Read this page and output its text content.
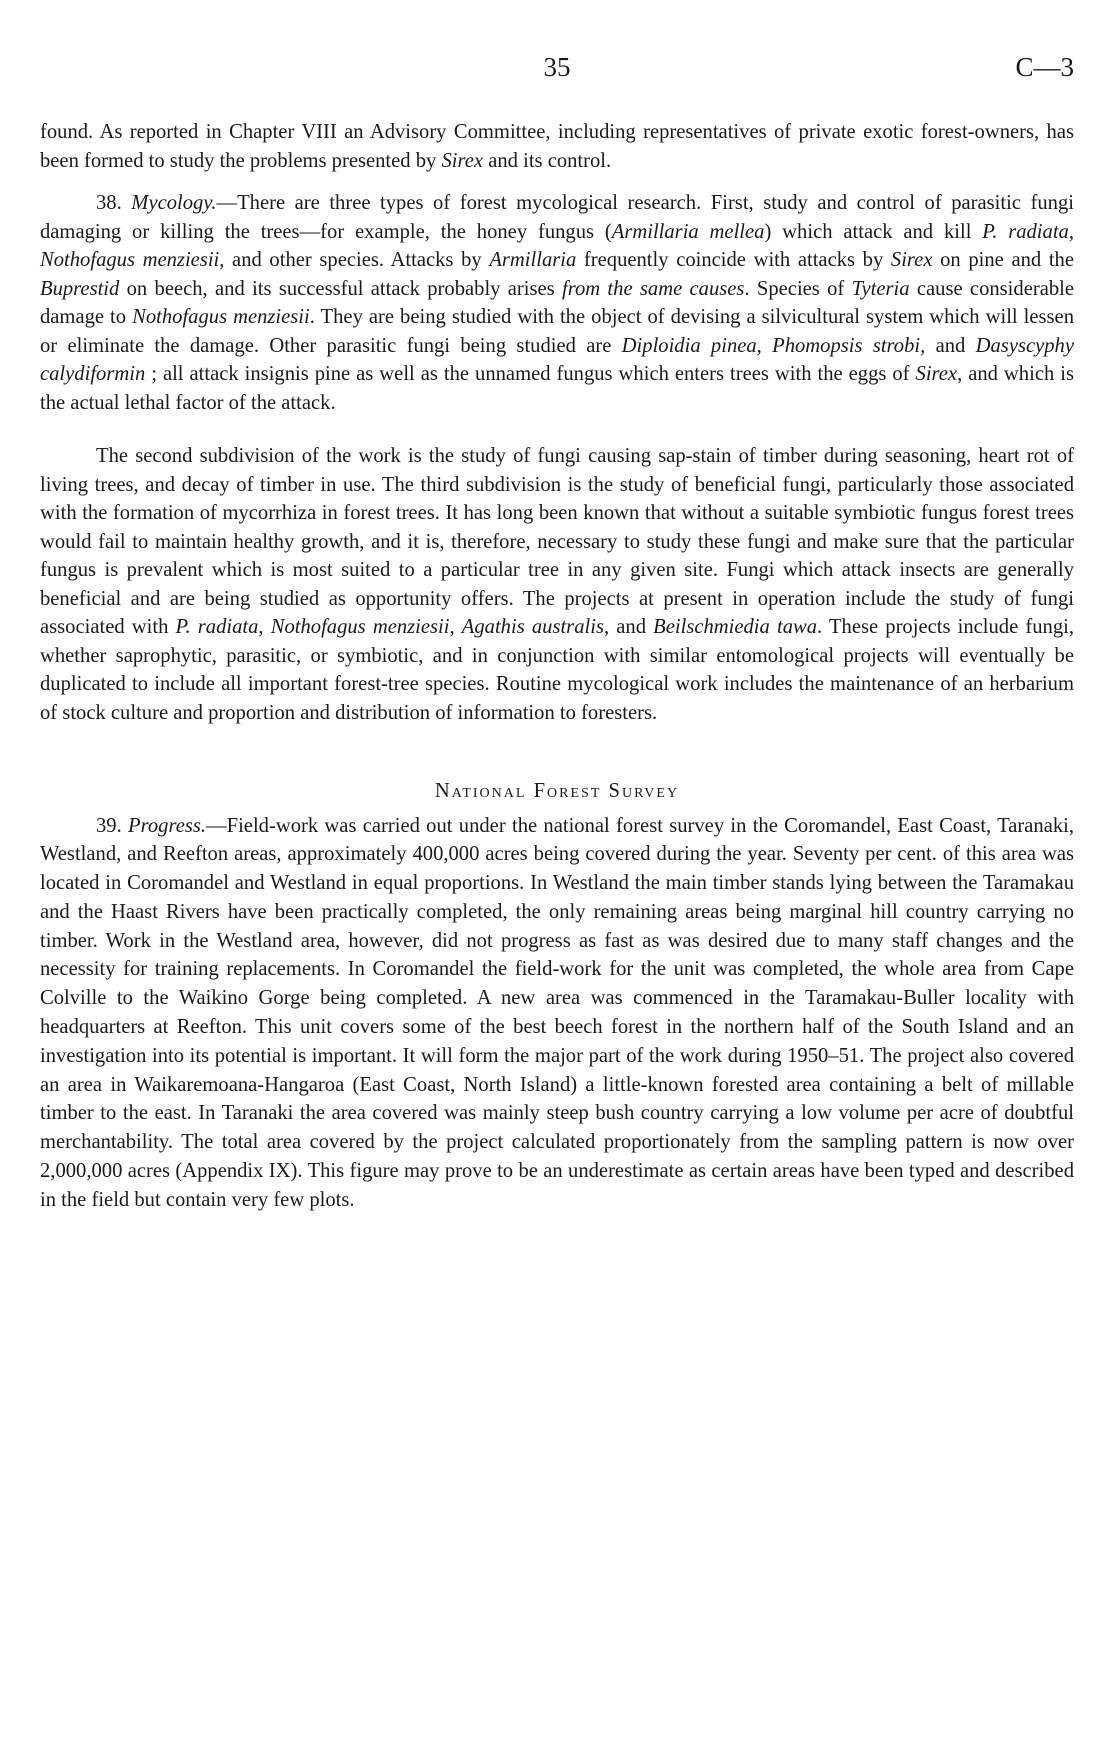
35	C—3

found. As reported in Chapter VIII an Advisory Committee, including representatives of private exotic forest-owners, has been formed to study the problems presented by Sirex and its control.

38. Mycology.—There are three types of forest mycological research. First, study and control of parasitic fungi damaging or killing the trees—for example, the honey fungus (Armillaria mellea) which attack and kill P. radiata, Nothofagus menziesii, and other species. Attacks by Armillaria frequently coincide with attacks by Sirex on pine and the Buprestid on beech, and its successful attack probably arises from the same causes. Species of Tyteria cause considerable damage to Nothofagus menziesii. They are being studied with the object of devising a silvicultural system which will lessen or eliminate the damage. Other parasitic fungi being studied are Diploidia pinea, Phomopsis strobi, and Dasyscyphy calydiformin ; all attack insignis pine as well as the unnamed fungus which enters trees with the eggs of Sirex, and which is the actual lethal factor of the attack.

The second subdivision of the work is the study of fungi causing sap-stain of timber during seasoning, heart rot of living trees, and decay of timber in use. The third subdivision is the study of beneficial fungi, particularly those associated with the formation of mycorrhiza in forest trees. It has long been known that without a suitable symbiotic fungus forest trees would fail to maintain healthy growth, and it is, therefore, necessary to study these fungi and make sure that the particular fungus is prevalent which is most suited to a particular tree in any given site. Fungi which attack insects are generally beneficial and are being studied as opportunity offers. The projects at present in operation include the study of fungi associated with P. radiata, Nothofagus menziesii, Agathis australis, and Beilschmiedia tawa. These projects include fungi, whether saprophytic, parasitic, or symbiotic, and in conjunction with similar entomological projects will eventually be duplicated to include all important forest-tree species. Routine mycological work includes the maintenance of an herbarium of stock culture and proportion and distribution of information to foresters.

National Forest Survey

39. Progress.—Field-work was carried out under the national forest survey in the Coromandel, East Coast, Taranaki, Westland, and Reefton areas, approximately 400,000 acres being covered during the year. Seventy per cent. of this area was located in Coromandel and Westland in equal proportions. In Westland the main timber stands lying between the Taramakau and the Haast Rivers have been practically completed, the only remaining areas being marginal hill country carrying no timber. Work in the Westland area, however, did not progress as fast as was desired due to many staff changes and the necessity for training replacements. In Coromandel the field-work for the unit was completed, the whole area from Cape Colville to the Waikino Gorge being completed. A new area was commenced in the Taramakau-Buller locality with headquarters at Reefton. This unit covers some of the best beech forest in the northern half of the South Island and an investigation into its potential is important. It will form the major part of the work during 1950–51. The project also covered an area in Waikaremoana-Hangaroa (East Coast, North Island) a little-known forested area containing a belt of millable timber to the east. In Taranaki the area covered was mainly steep bush country carrying a low volume per acre of doubtful merchantability. The total area covered by the project calculated proportionately from the sampling pattern is now over 2,000,000 acres (Appendix IX). This figure may prove to be an underestimate as certain areas have been typed and described in the field but contain very few plots.
